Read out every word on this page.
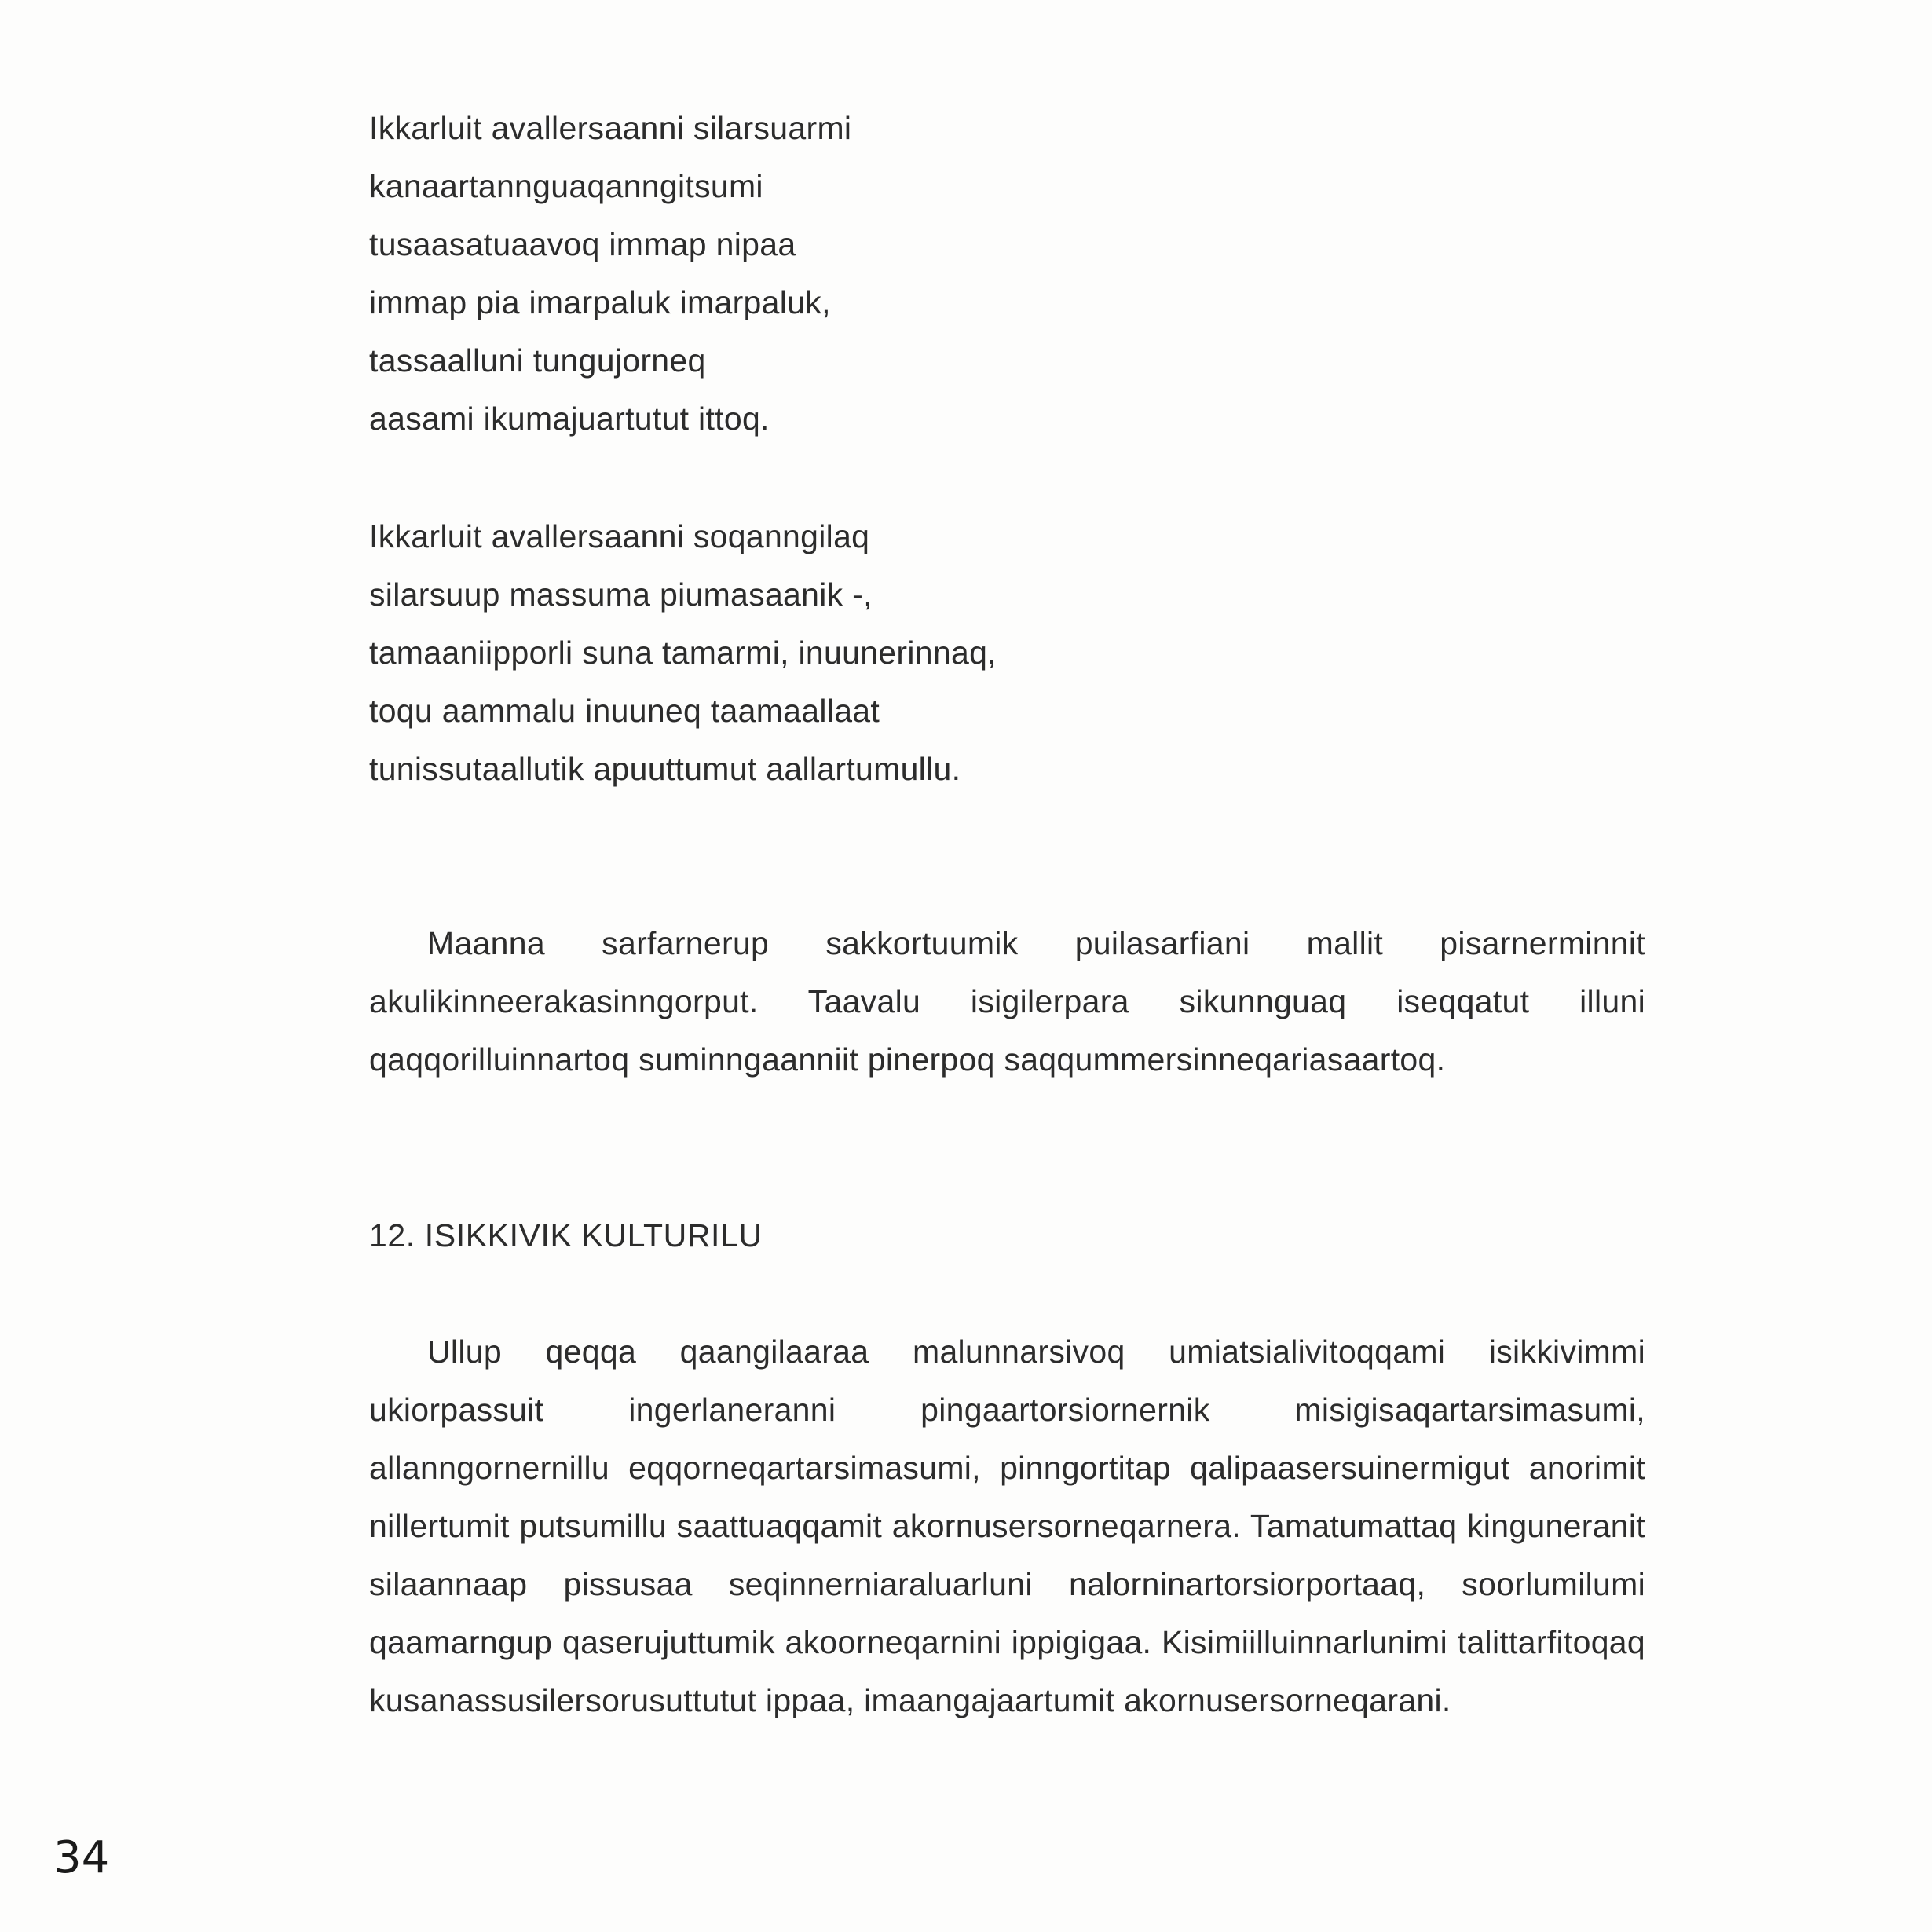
Ikkarluit avallersaanni silarsuarmi
kanaartannguaqanngitsumi
tusaasatuaavoq immap nipaa
immap pia imarpaluk imarpaluk,
tassaalluni tungujorneq
aasami ikumajuartutut ittoq.
Ikkarluit avallersaanni soqanngilaq
silarsuup massuma piumasaanik -,
tamaaniipporli suna tamarmi, inuunerinnaq,
toqu aammalu inuuneq taamaallaat
tunissutaallutik apuuttumut aallartumullu.

Maanna sarfarnerup sakkortuumik puilasarfiani mallit pisarnerminnit akulikinneerakasinngorput. Taavalu isigilerpara sikunnguaq iseqqatut illuni qaqqorilluinnartoq suminngaanniit pinerpoq saqqummersinneqariasaartoq.

12. ISIKKIVIK KULTURILU

Ullup qeqqa qaangilaaraa malunnarsivoq umiatsialivitoqqami isikkivimmi ukiorpassuit ingerlaneranni pingaartorsiornernik misigisaqartarsimasumi, allanngornernillu eqqorneqartarsimasumi, pinngortitap qalipaasersuinermigut anorimit nillertumit putsumillu saattuaqqamit akornusersorneqarnera. Tamatumattaq kinguneranit silaannaap pissusaa seqinnerniaraluarluni nalorninartorsiorportaaq, soorlumilumi qaamarngup qaserujuttumik akoorneqarnini ippigigaa. Kisimiilluinnarlunimi talittarfitoqaq kusanassusilersorusuttutut ippaa, imaangajaartumit akornusersorneqarani.

34
